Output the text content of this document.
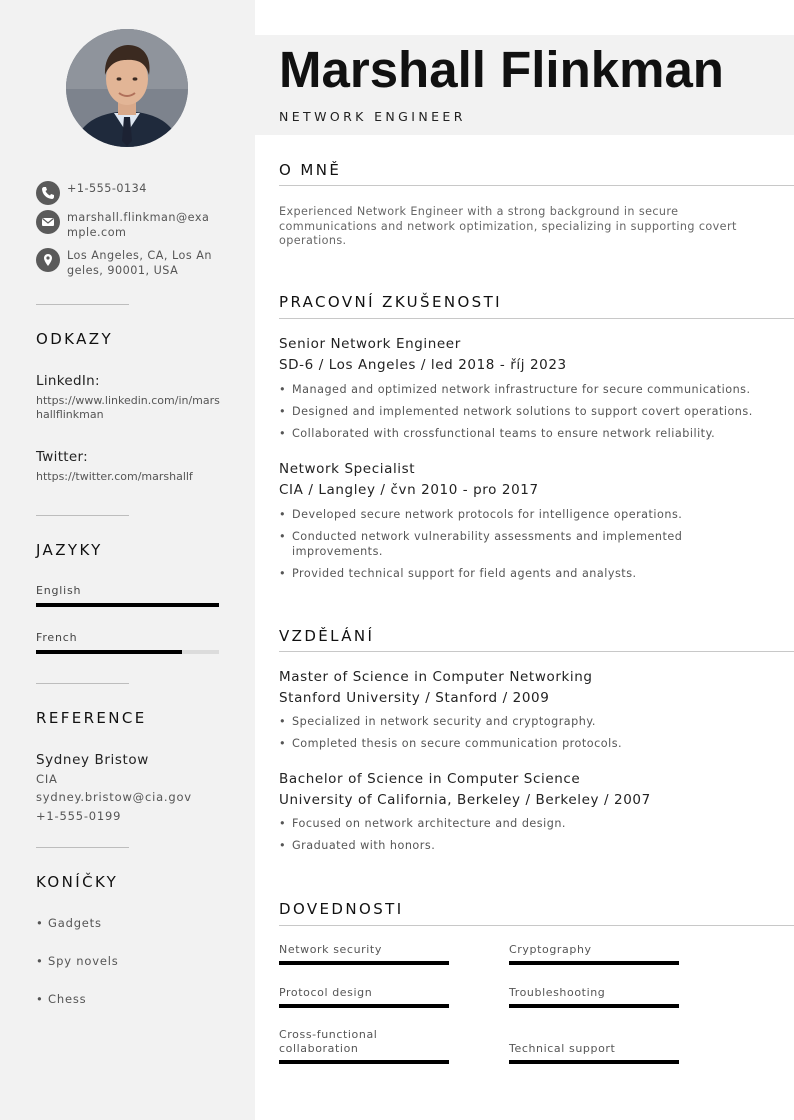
+1-555-0134
marshall.flinkman@example.com
Los Angeles, CA, Los Angeles, 90001, USA
ODKAZY
LinkedIn:
https://www.linkedin.com/in/marshallflinkman
Twitter:
https://twitter.com/marshallf
JAZYKY
English
French
REFERENCE
Sydney Bristow
CIA
sydney.bristow@cia.gov
+1-555-0199
KONÍČKY
• Gadgets
• Spy novels
• Chess
Marshall Flinkman
NETWORK ENGINEER
O MNĚ
Experienced Network Engineer with a strong background in secure communications and network optimization, specializing in supporting covert operations.
PRACOVNÍ ZKUŠENOSTI
Senior Network Engineer
SD-6 / Los Angeles / led 2018 - říj 2023
• Managed and optimized network infrastructure for secure communications.
• Designed and implemented network solutions to support covert operations.
• Collaborated with crossfunctional teams to ensure network reliability.
Network Specialist
CIA / Langley / čvn 2010 - pro 2017
• Developed secure network protocols for intelligence operations.
• Conducted network vulnerability assessments and implemented improvements.
• Provided technical support for field agents and analysts.
VZDĚLÁNÍ
Master of Science in Computer Networking
Stanford University / Stanford / 2009
• Specialized in network security and cryptography.
• Completed thesis on secure communication protocols.
Bachelor of Science in Computer Science
University of California, Berkeley / Berkeley / 2007
• Focused on network architecture and design.
• Graduated with honors.
DOVEDNOSTI
Network security	Cryptography
Protocol design	Troubleshooting
Cross-functional collaboration	Technical support
